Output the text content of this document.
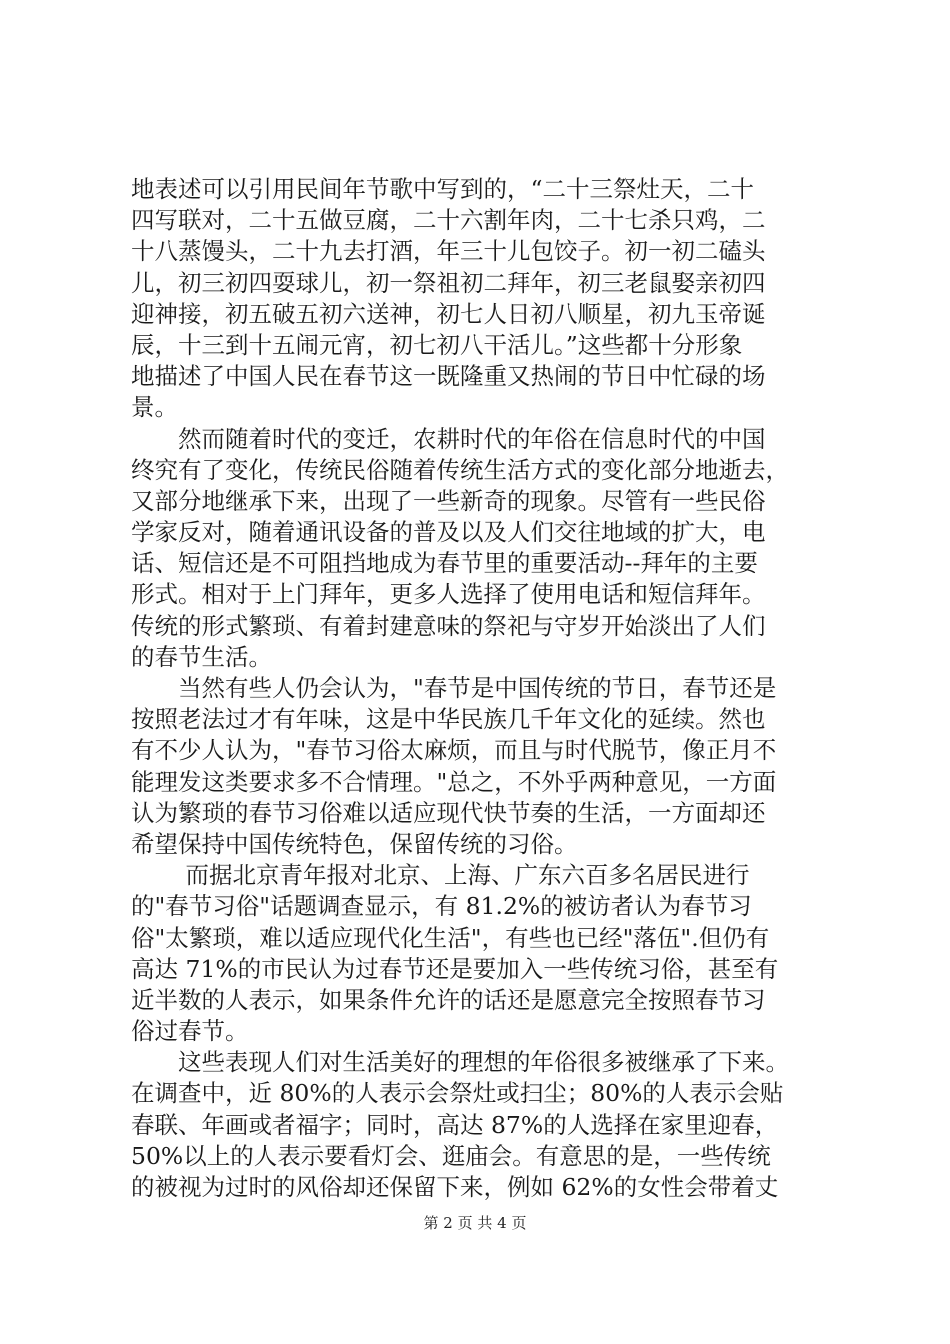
地表述可以引用民间年节歌中写到的，“二十三祭灶天，二十
四写联对，二十五做豆腐，二十六割年肉，二十七杀只鸡，二
十八蒸馒头，二十九去打酒，年三十儿包饺子。初一初二磕头
儿，初三初四耍球儿，初一祭祖初二拜年，初三老鼠娶亲初四
迎神接，初五破五初六送神，初七人日初八顺星，初九玉帝诞
辰，十三到十五闹元宵，初七初八干活儿。”这些都十分形象
地描述了中国人民在春节这一既隆重又热闹的节日中忙碌的场
景。
　　然而随着时代的变迁，农耕时代的年俗在信息时代的中国
终究有了变化，传统民俗随着传统生活方式的变化部分地逝去，
又部分地继承下来，出现了一些新奇的现象。尽管有一些民俗
学家反对，随着通讯设备的普及以及人们交往地域的扩大，电
话、短信还是不可阻挡地成为春节里的重要活动--拜年的主要
形式。相对于上门拜年，更多人选择了使用电话和短信拜年。
传统的形式繁琐、有着封建意味的祭祀与守岁开始淡出了人们
的春节生活。
　　当然有些人仍会认为，"春节是中国传统的节日，春节还是
按照老法过才有年味，这是中华民族几千年文化的延续。然也
有不少人认为，"春节习俗太麻烦，而且与时代脱节，像正月不
能理发这类要求多不合情理。"总之，不外乎两种意见，一方面
认为繁琐的春节习俗难以适应现代快节奏的生活，一方面却还
希望保持中国传统特色，保留传统的习俗。
　　 而据北京青年报对北京、上海、广东六百多名居民进行
的"春节习俗"话题调查显示，有 81.2%的被访者认为春节习
俗"太繁琐，难以适应现代化生活"，有些也已经"落伍".但仍有
高达 71%的市民认为过春节还是要加入一些传统习俗，甚至有
近半数的人表示，如果条件允许的话还是愿意完全按照春节习
俗过春节。
　　这些表现人们对生活美好的理想的年俗很多被继承了下来。
在调查中，近 80%的人表示会祭灶或扫尘；80%的人表示会贴
春联、年画或者福字；同时，高达 87%的人选择在家里迎春，
50%以上的人表示要看灯会、逛庙会。有意思的是，一些传统
的被视为过时的风俗却还保留下来，例如 62%的女性会带着丈
第 2 页 共 4 页
